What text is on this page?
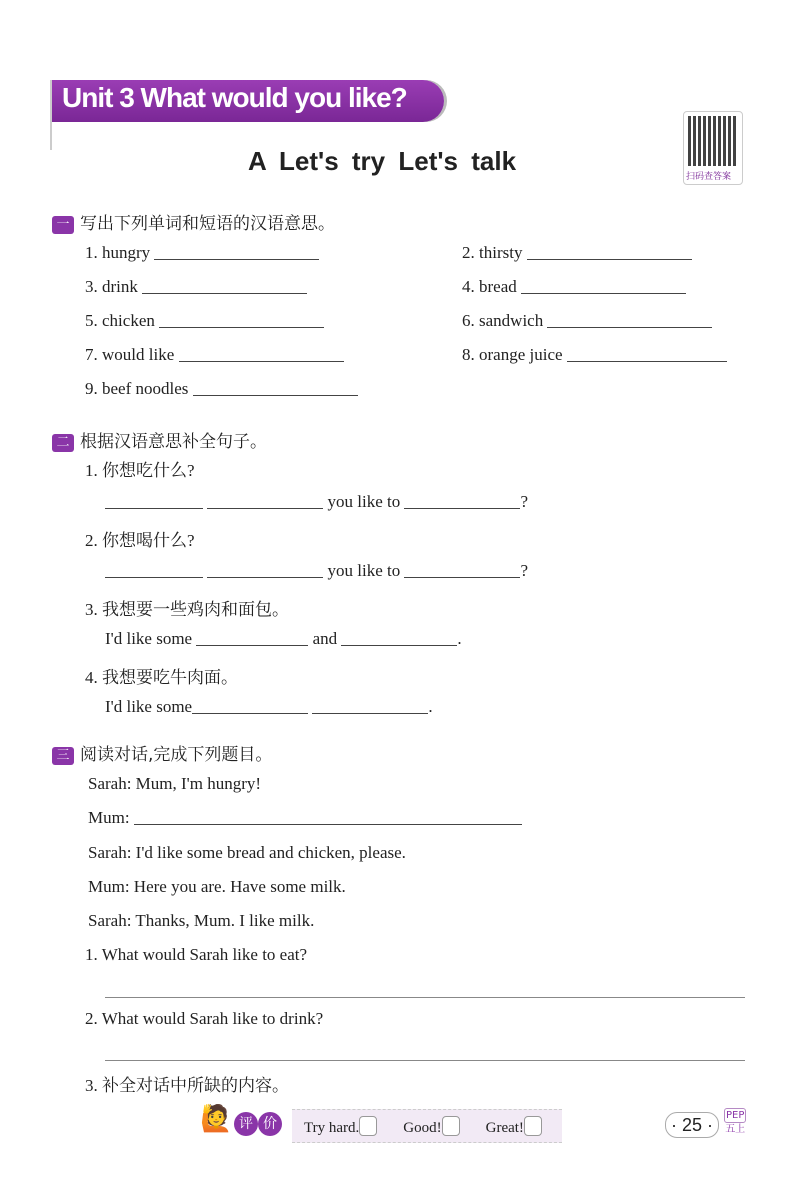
Unit 3 What would you like?
A Let's try Let's talk
扫码查答案
一 写出下列单词和短语的汉语意思。
1. hungry	2. thirsty
3. drink	4. bread
5. chicken	6. sandwich
7. would like	8. orange juice
9. beef noodles
二 根据汉语意思补全句子。
1. 你想吃什么?
you like to	?
2. 你想喝什么?
you like to	?
3. 我想要一些鸡肉和面包。
I'd like some	and	.
4. 我想要吃牛肉面。
I'd like some	.
三 阅读对话,完成下列题目。
Sarah: Mum, I'm hungry!
Mum:
Sarah: I'd like some bread and chicken, please.
Mum: Here you are. Have some milk.
Sarah: Thanks, Mum. I like milk.
1. What would Sarah like to eat?
2. What would Sarah like to drink?
3. 补全对话中所缺的内容。
🙋 评 价	Try hard.	Good!	Great!	· 25 ·	PEP
五上
